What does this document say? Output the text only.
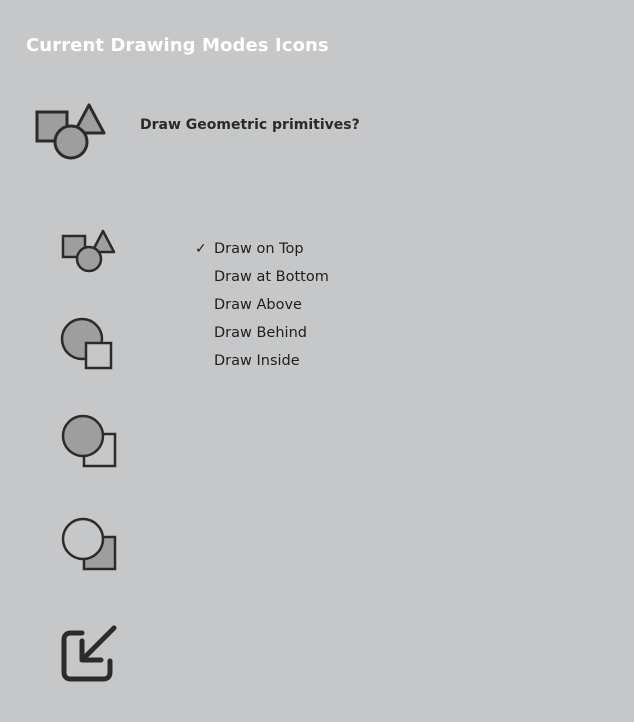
Current Drawing Modes Icons
Draw Geometric primitives?
✓ Draw on Top
Draw at Bottom
Draw Above
Draw Behind
Draw Inside
